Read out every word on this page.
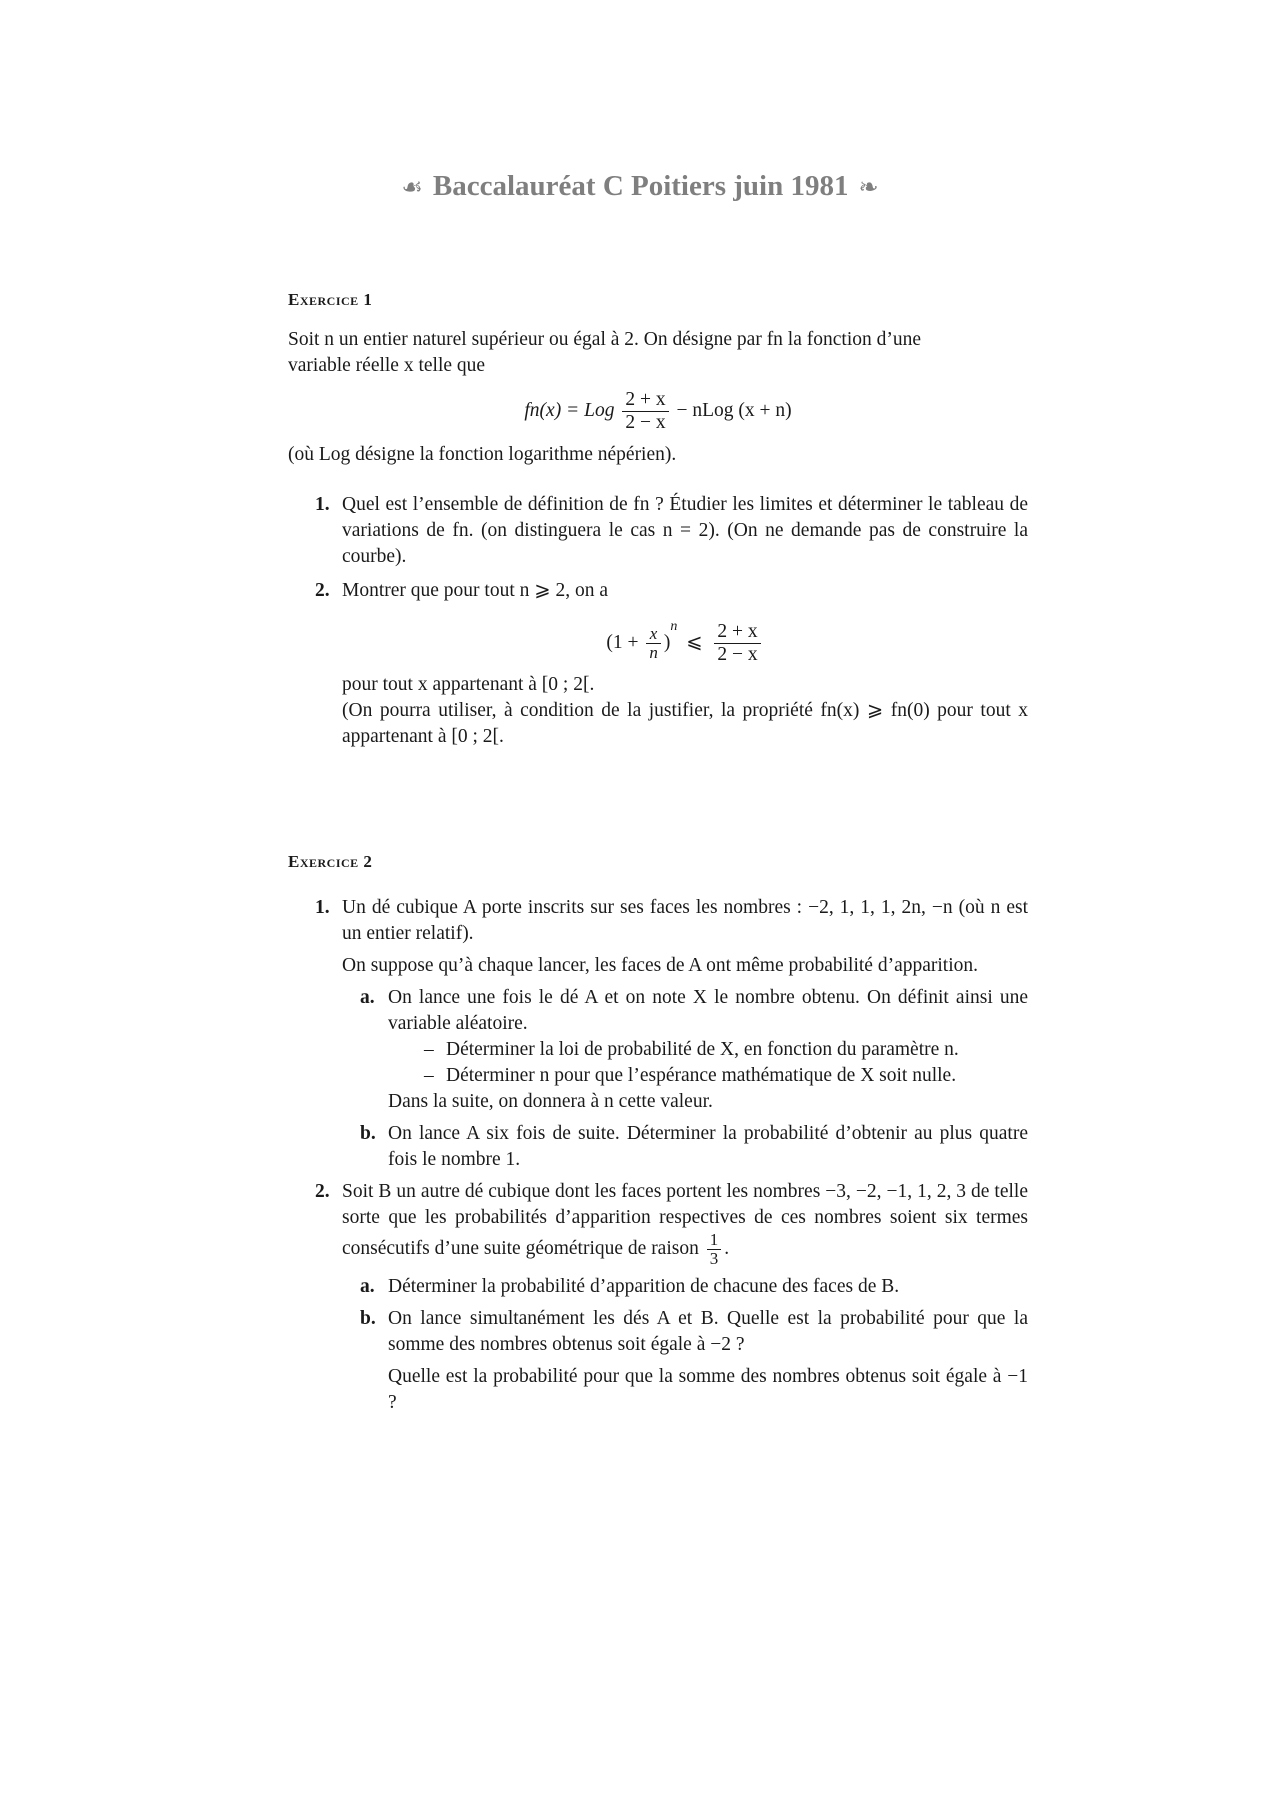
☙ Baccalauréat C Poitiers juin 1981 ❧

Exercice 1

Soit n un entier naturel supérieur ou égal à 2. On désigne par fn la fonction d’une
variable réelle x telle que

fn(x) = Log $\frac{2 + x}{2 - x}$ − nLog (x + n)

(où Log désigne la fonction logarithme népérien).

1. Quel est l’ensemble de définition de fn ? Étudier les limites et déterminer le tableau de variations de fn. (on distinguera le cas n = 2). (On ne demande pas de construire la courbe).
2. Montrer que pour tout n ⩾ 2, on a
$(1 + \frac{x}{n} )^n$ ⩽ $\frac{2 + x}{2 - x}$

pour tout x appartenant à [0 ; 2[.

(On pourra utiliser, à condition de la justifier, la propriété fn(x) ⩾ fn(0) pour tout x appartenant à [0 ; 2[.

Exercice 2

1. Un dé cubique A porte inscrits sur ses faces les nombres : −2, 1, 1, 1, 2n, −n (où n est un entier relatif).

On suppose qu’à chaque lancer, les faces de A ont même probabilité d’apparition.

a. On lance une fois le dé A et on note X le nombre obtenu. On définit ainsi une variable aléatoire.

– Déterminer la loi de probabilité de X, en fonction du paramètre n.

– Déterminer n pour que l’espérance mathématique de X soit nulle.

Dans la suite, on donnera à n cette valeur.

b. On lance A six fois de suite. Déterminer la probabilité d’obtenir au plus quatre fois le nombre 1.

2. Soit B un autre dé cubique dont les faces portent les nombres −3, −2, −1, 1, 2, 3 de telle sorte que les probabilités d’apparition respectives de ces nombres soient six termes consécutifs d’une suite géométrique de raison $\frac{1}{3}$ .

a. Déterminer la probabilité d’apparition de chacune des faces de B.

b. On lance simultanément les dés A et B. Quelle est la probabilité pour que la somme des nombres obtenus soit égale à −2 ?

Quelle est la probabilité pour que la somme des nombres obtenus soit égale à −1 ?
